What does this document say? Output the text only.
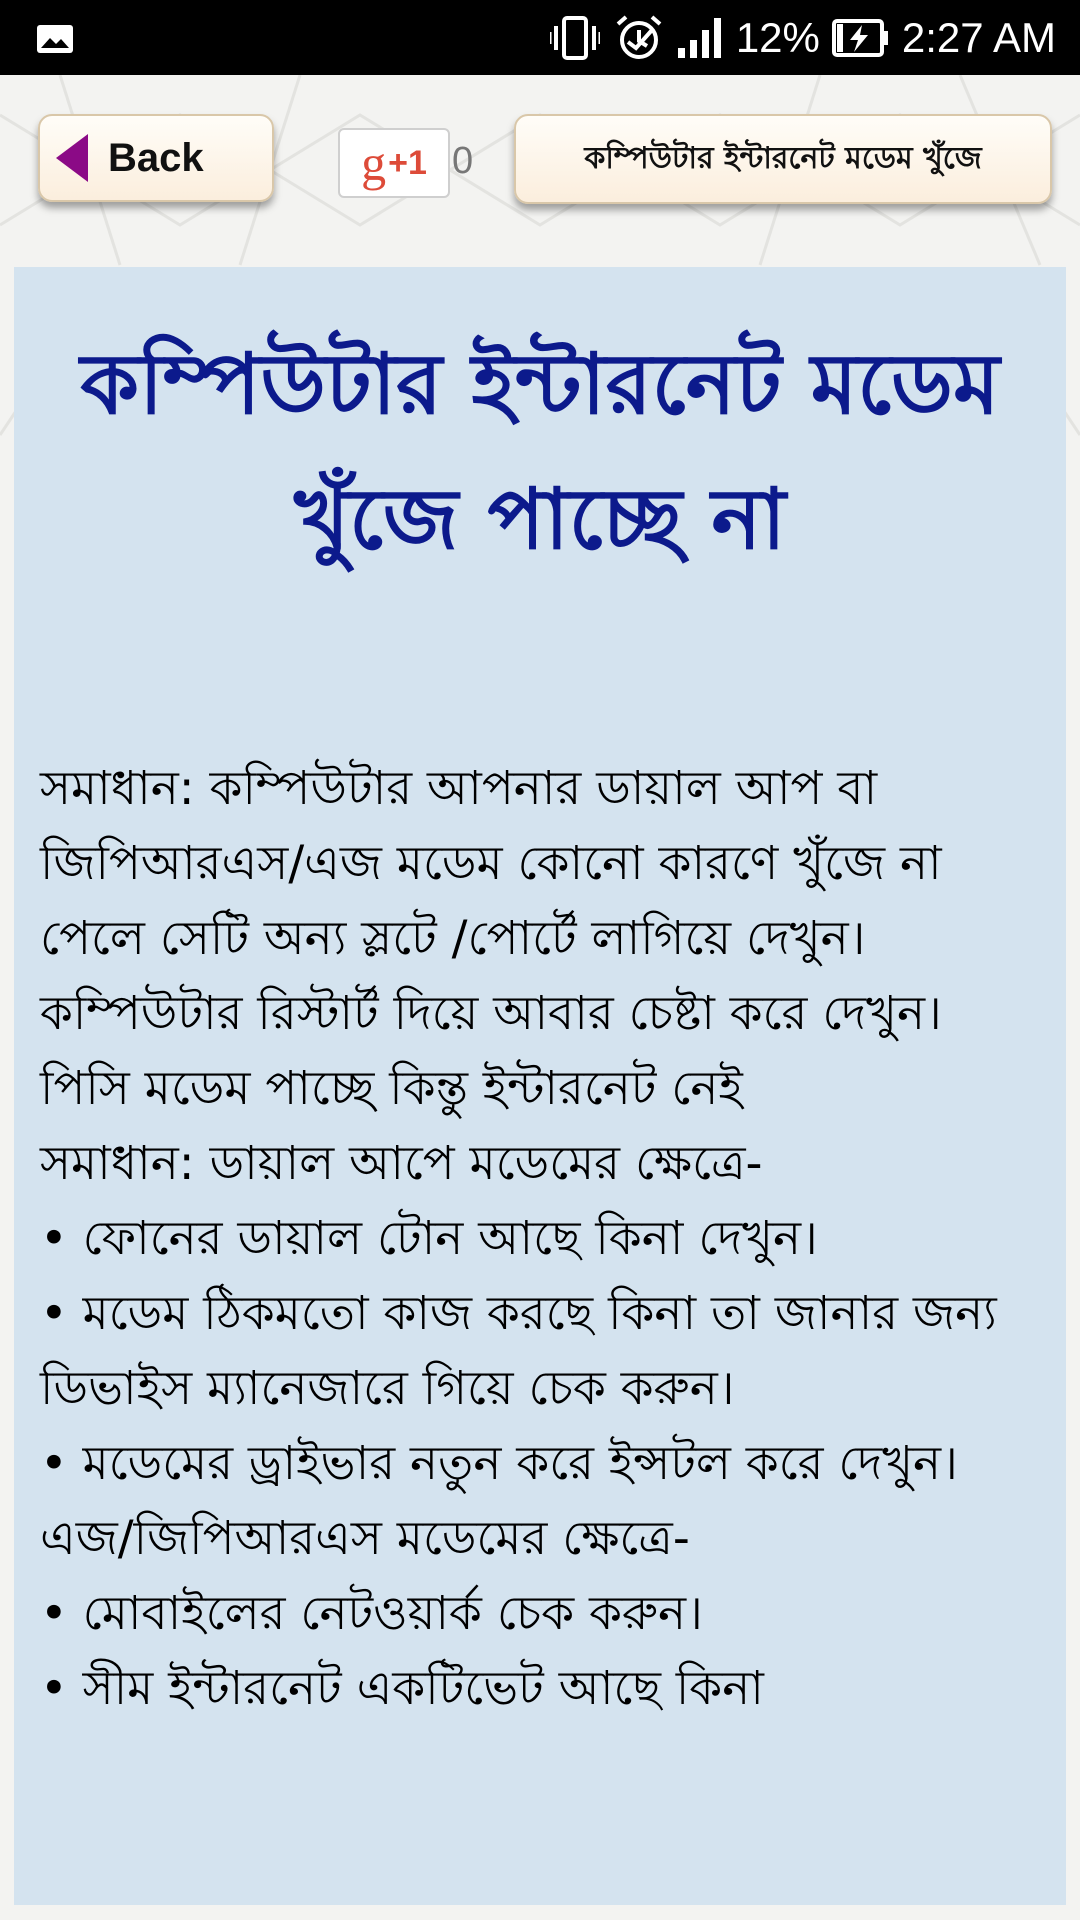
12% 2:27 AM
Back	g +1 0	কম্পিউটার ইন্টারনেট মডেম খুঁজে
কম্পিউটার ইন্টারনেট মডেম খুঁজে পাচ্ছে না

সমাধান: কম্পিউটার আপনার ডায়াল আপ বা জিপিআরএস/এজ মডেম কোনো কারণে খুঁজে না পেলে সেটি অন্য স্লটে /পোর্টে লাগিয়ে দেখুন। কম্পিউটার রিস্টার্ট দিয়ে আবার চেষ্টা করে দেখুন।

পিসি মডেম পাচ্ছে কিন্তু ইন্টারনেট নেই

সমাধান: ডায়াল আপে মডেমের ক্ষেত্রে-

• ফোনের ডায়াল টোন আছে কিনা দেখুন।

• মডেম ঠিকমতো কাজ করছে কিনা তা জানার জন্য ডিভাইস ম্যানেজারে গিয়ে চেক করুন।

• মডেমের ড্রাইভার নতুন করে ইন্সটল করে দেখুন।

এজ/জিপিআরএস মডেমের ক্ষেত্রে-

• মোবাইলের নেটওয়ার্ক চেক করুন।

• সীম ইন্টারনেট একটিভেট আছে কিনা
